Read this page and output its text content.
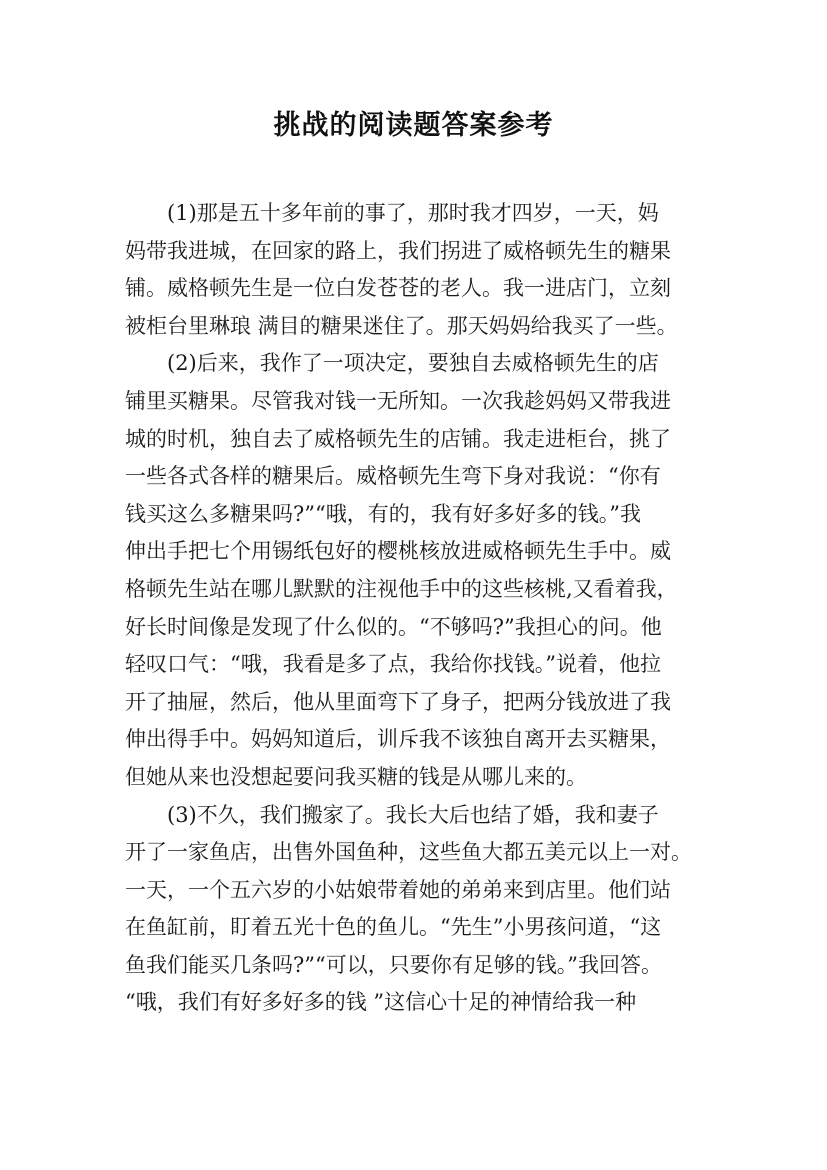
挑战的阅读题答案参考
(1)那是五十多年前的事了，那时我才四岁，一天，妈
妈带我进城，在回家的路上，我们拐进了威格顿先生的糖果
铺。威格顿先生是一位白发苍苍的老人。我一进店门，立刻
被柜台里琳琅 满目的糖果迷住了。那天妈妈给我买了一些。
(2)后来，我作了一项决定，要独自去威格顿先生的店
铺里买糖果。尽管我对钱一无所知。一次我趁妈妈又带我进
城的时机，独自去了威格顿先生的店铺。我走进柜台，挑了
一些各式各样的糖果后。威格顿先生弯下身对我说：“你有
钱买这么多糖果吗?”“哦，有的，我有好多好多的钱。”我
伸出手把七个用锡纸包好的樱桃核放进威格顿先生手中。威
格顿先生站在哪儿默默的注视他手中的这些核桃,又看着我，
好长时间像是发现了什么似的。“不够吗?”我担心的问。他
轻叹口气：“哦，我看是多了点，我给你找钱。”说着，他拉
开了抽屉，然后，他从里面弯下了身子，把两分钱放进了我
伸出得手中。妈妈知道后，训斥我不该独自离开去买糖果，
但她从来也没想起要问我买糖的钱是从哪儿来的。
(3)不久，我们搬家了。我长大后也结了婚，我和妻子
开了一家鱼店，出售外国鱼种，这些鱼大都五美元以上一对。
一天，一个五六岁的小姑娘带着她的弟弟来到店里。他们站
在鱼缸前，盯着五光十色的鱼儿。“先生”小男孩问道，“这
鱼我们能买几条吗?”“可以，只要你有足够的钱。”我回答。
“哦，我们有好多好多的钱 ”这信心十足的神情给我一种
